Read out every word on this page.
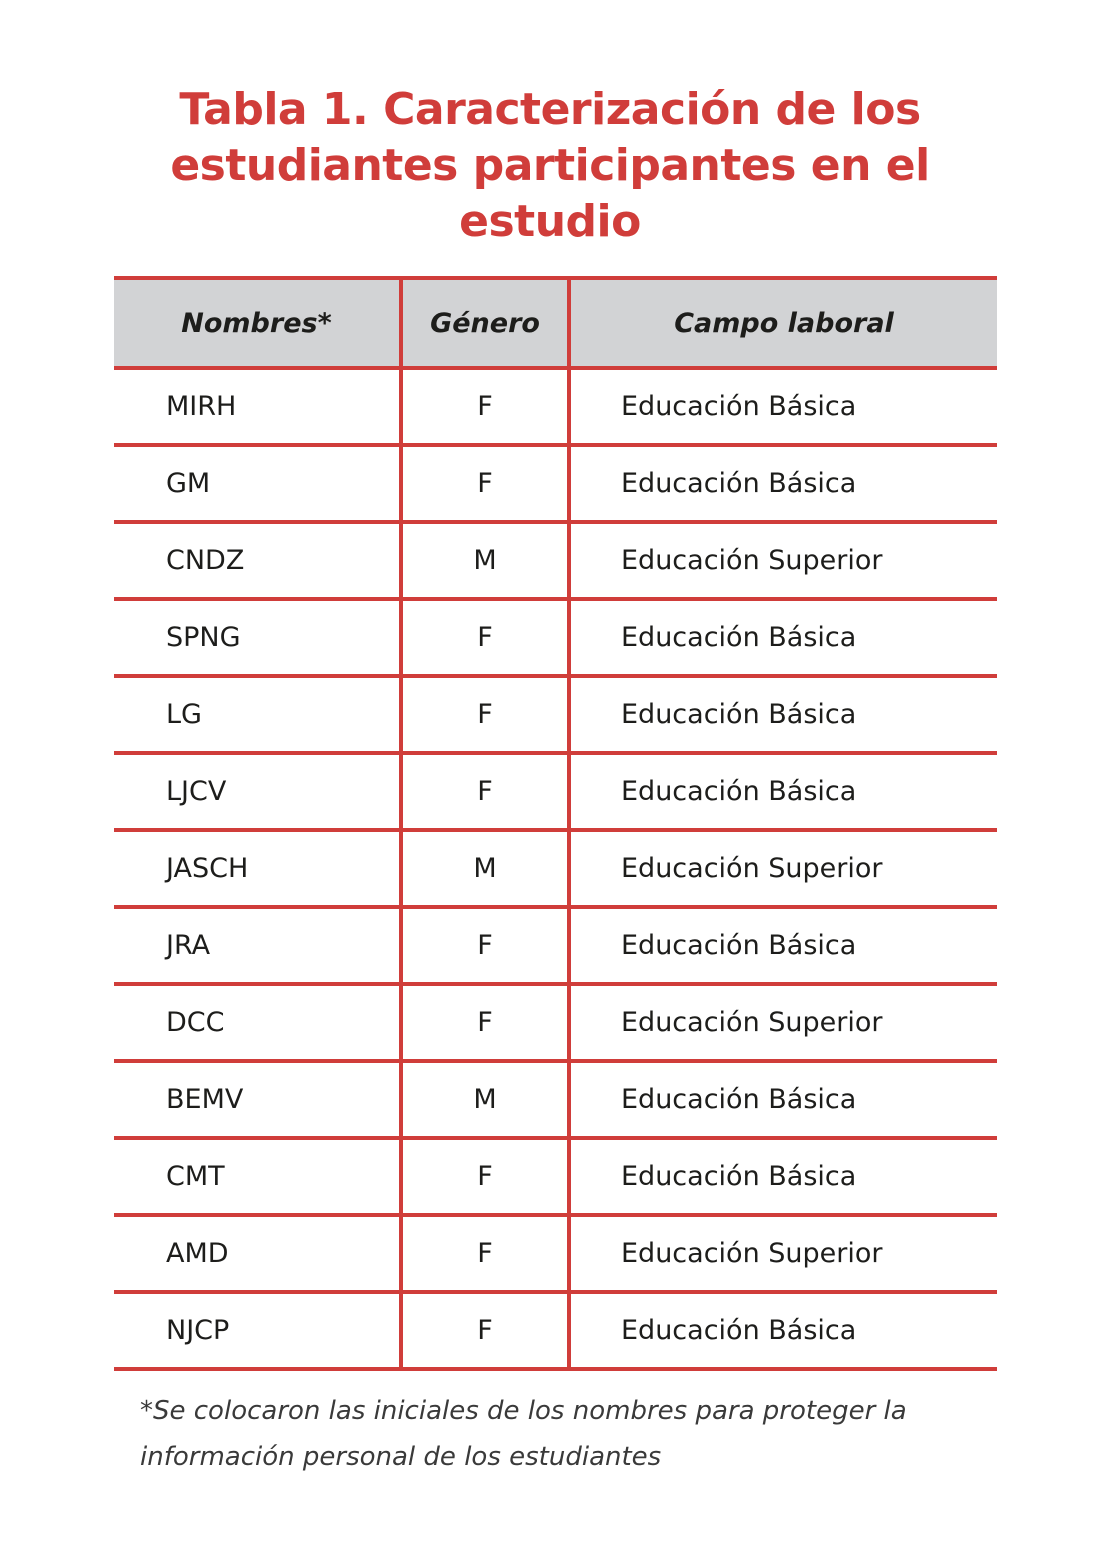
Tabla 1. Caracterización de los
estudiantes participantes en el
estudio
Nombres*	Género	Campo laboral
MIRH	F	Educación Básica
GM	F	Educación Básica
CNDZ	M	Educación Superior
SPNG	F	Educación Básica
LG	F	Educación Básica
LJCV	F	Educación Básica
JASCH	M	Educación Superior
JRA	F	Educación Básica
DCC	F	Educación Superior
BEMV	M	Educación Básica
CMT	F	Educación Básica
AMD	F	Educación Superior
NJCP	F	Educación Básica

*Se colocaron las iniciales de los nombres para proteger la
información personal de los estudiantes
